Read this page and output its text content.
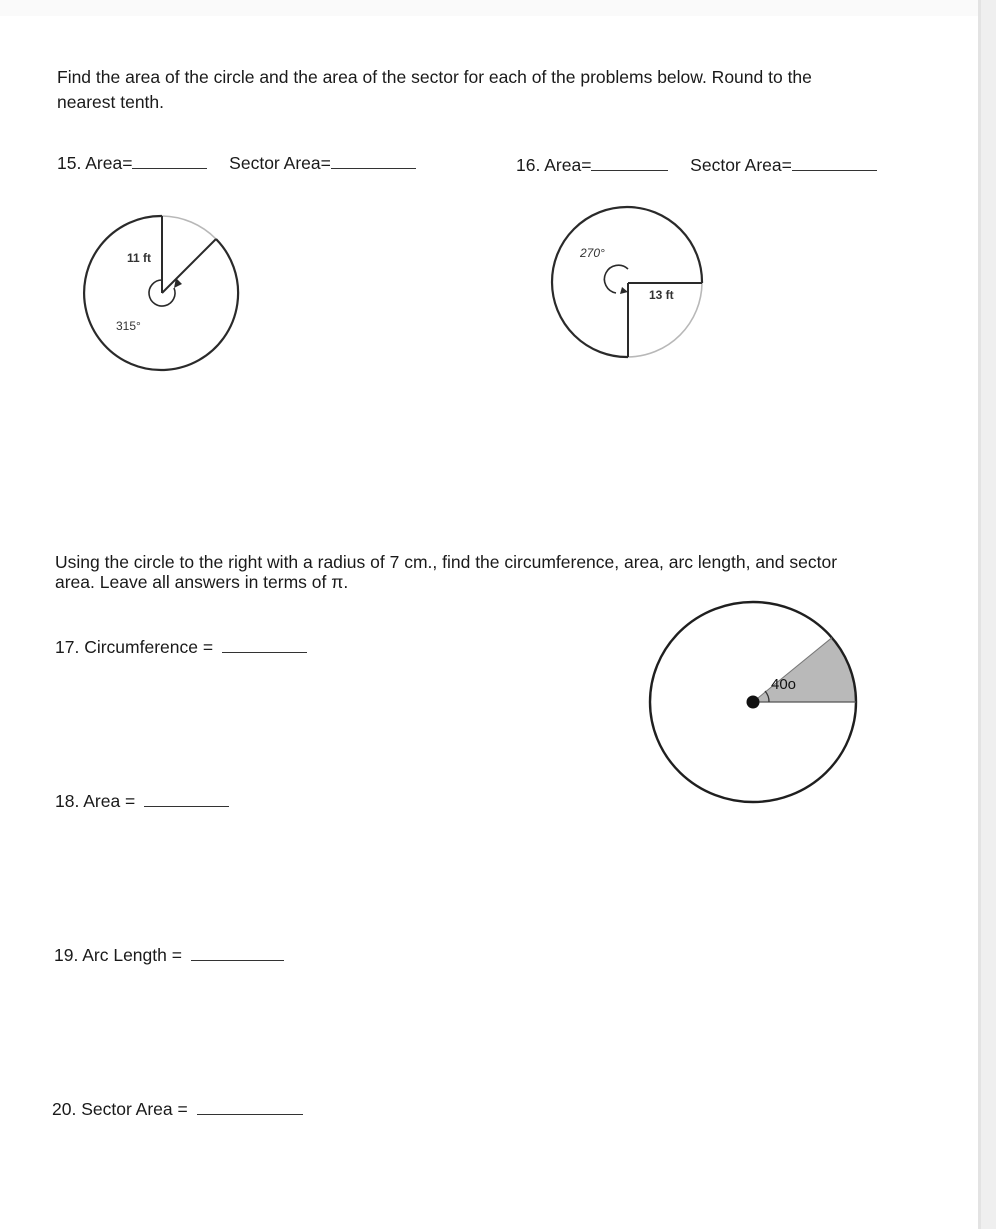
Find the area of the circle and the area of the sector for each of the problems below. Round to the
nearest tenth.
15. Area=	Sector Area=	16. Area=	Sector Area=
11 ft
315°
270°
13 ft
Using the circle to the right with a radius of 7 cm., find the circumference, area, arc length, and sector
area. Leave all answers in terms of π.
40o
17. Circumference =
18. Area =
19. Arc Length =
20. Sector Area =
